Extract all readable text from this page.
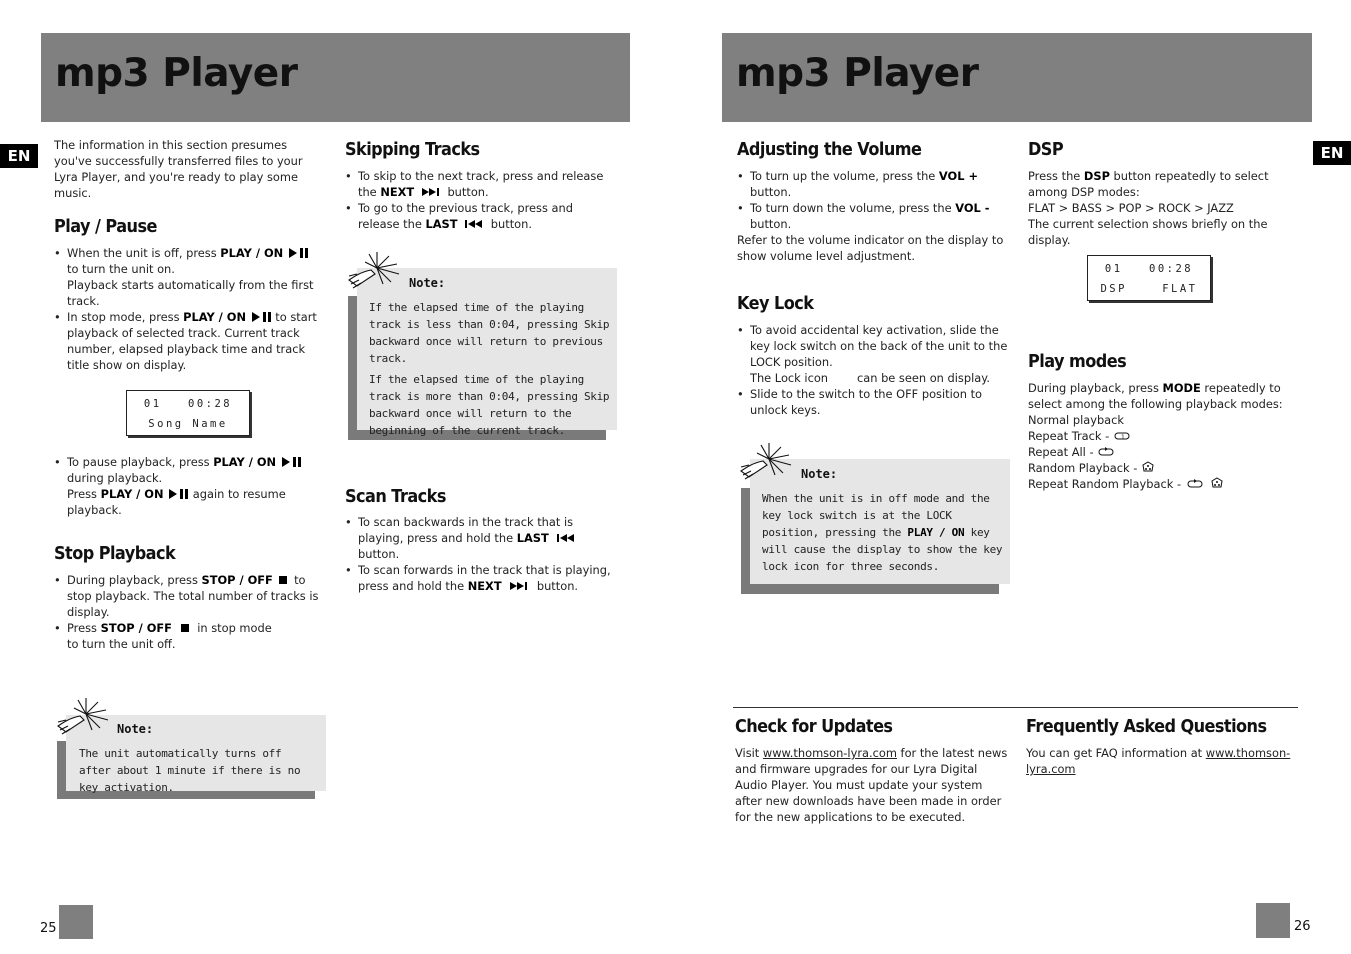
mp3 Player
EN

The information in this section presumes you've successfully transferred files to your Lyra Player, and you're ready to play some music.

Play / Pause
• When the unit is off, press PLAY / ON  to turn the unit on.
Playback starts automatically from the first track.
• In stop mode, press PLAY / ON	to start playback of selected track. Current track number, elapsed playback time and track title show on display.
01   00:28
Song Name
• To pause playback, press PLAY / ON  during playback.
Press PLAY / ON	again to resume playback.
Stop Playback
• During playback, press STOP / OFF  to stop playback. The total number of tracks is display.
• Press STOP / OFF  in stop mode
to turn the unit off.
Note:
The unit automatically turns off after about 1 minute if there is no key activation.
Skipping Tracks
• To skip to the next track, press and release the NEXT	button.
• To go to the previous track, press and release the LAST	button.
Note:
If the elapsed time of the playing track is less than 0:04, pressing Skip backward once will return to previous track.
If the elapsed time of the playing track is more than 0:04, pressing Skip backward once will return to the beginning of the current track.
Scan Tracks
• To scan backwards in the track that is playing, press and hold the LAST  button.
• To scan forwards in the track that is playing, press and hold the NEXT	button.
25
mp3 Player
EN
Adjusting the Volume
• To turn up the volume, press the VOL + button.
• To turn down the volume, press the VOL - button.

Refer to the volume indicator on the display to show volume level adjustment.

Key Lock
• To avoid accidental key activation, slide the key lock switch on the back of the unit to the LOCK position.
The Lock icon        can be seen on display.
• Slide to the switch to the OFF position to unlock keys.
Note:
When the unit is in off mode and the key lock switch is at the LOCK position, pressing the PLAY / ON key will cause the display to show the key lock icon for three seconds.
DSP

Press the DSP button repeatedly to select among DSP modes:

FLAT > BASS > POP > ROCK > JAZZ

The current selection shows briefly on the display.

01   00:28
DSP    FLAT
Play modes

During playback, press MODE repeatedly to select among the following playback modes:

Normal playback

Repeat Track - 1

Repeat All -

Random Playback -

Repeat Random Playback -

Check for Updates

Visit www.thomson-lyra.com for the latest news and firmware upgrades for our Lyra Digital Audio Player. You must update your system after new downloads have been made in order for the new applications to be executed.

Frequently Asked Questions

You can get FAQ information at www.thomson-lyra.com

26
